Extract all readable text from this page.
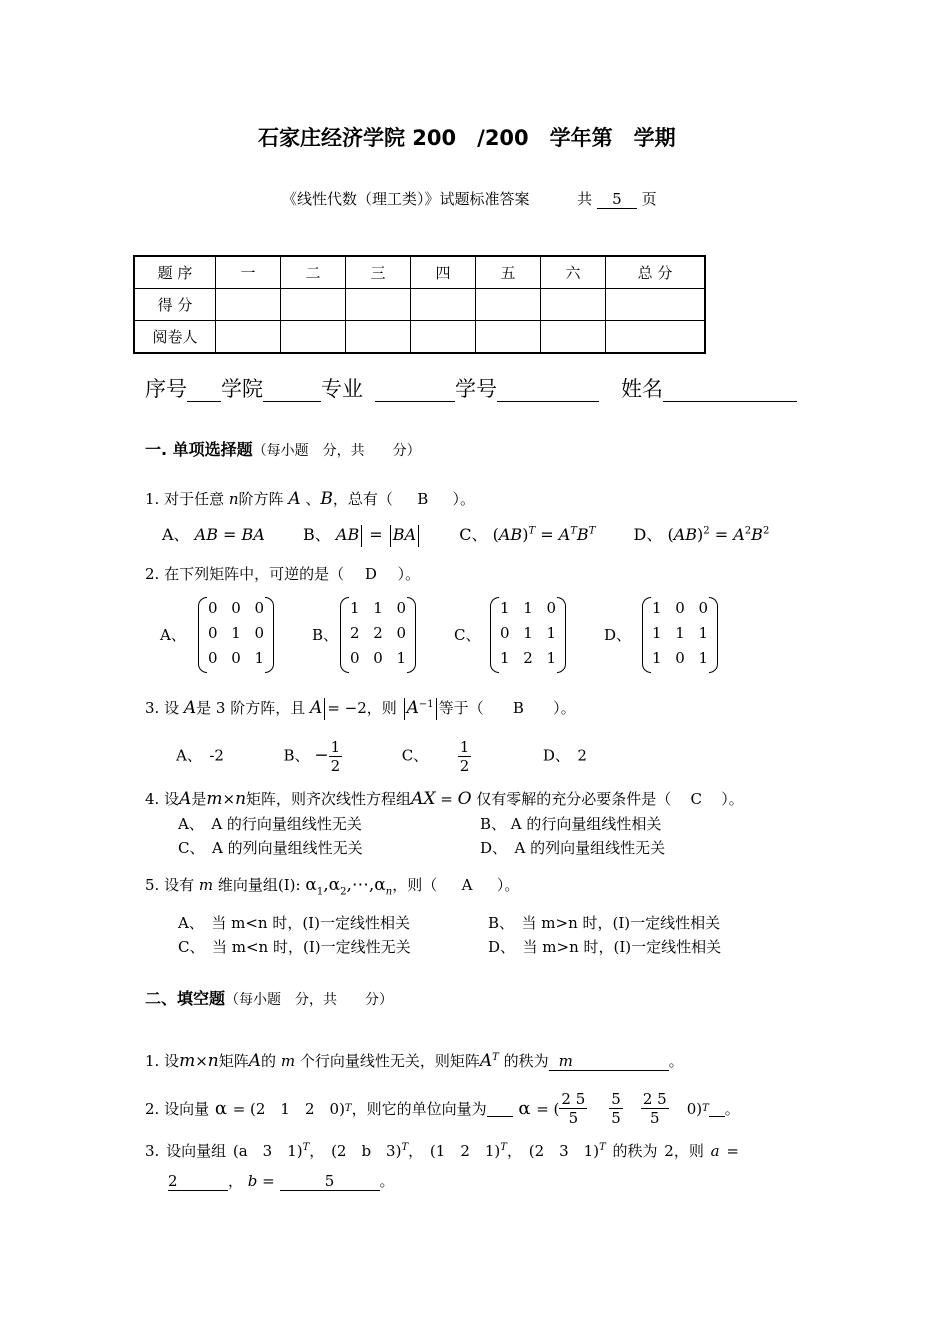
石家庄经济学院 200　/200　学年第　学期
《线性代数（理工类）》试题标准答案	共 5 页
题 序	一	二	三	四	五	六	总 分
得 分							
阅卷人							
序号 学院	专业	学号	姓名
一. 单项选择题（每小题　分，共　　分）
1. 对于任意 n阶方阵 A 、B，总有（ B ）。
A、 AB = BA B、 AB = BA	C、 $(AB)^T = A^TB^T$ D、 $(AB)^2 = A^2B^2$
2. 在下列矩阵中，可逆的是（ D ）。
A、
0 0 0
0 1 0
0 0 1
B、
1 1 0
2 2 0
0 0 1
C、
1 1 0
0 1 1
1 2 1
D、
1 0 0
1 1 1
1 0 1
3. 设 A是 3 阶方阵，且 A = −2，则 $A^{-1}$ 等于（ B ）。
A、　-2	B、 − $\frac{1}{2}$	C、 $\frac{1}{2}$	D、　2
4. 设A是m×n矩阵，则齐次线性方程组AX = O 仅有零解的充分必要条件是（ C ）。
A、　A 的行向量组线性无关	B、 A 的行向量组线性相关
C、　A 的列向量组线性无关	D、　A 的列向量组线性无关
5. 设有 m 维向量组(I): $\alpha_1,\alpha_2,\cdots,\alpha_n$，则（ A ）。
A、　当 m<n 时，(I)一定线性相关	B、　当 m>n 时，(I)一定线性相关
C、　当 m<n 时，(I)一定线性无关	D、　当 m>n 时，(I)一定线性相关
二、填空题（每小题　分，共　　分）
1. 设m×n矩阵A的 m 个行向量线性无关，则矩阵$A^T$ 的秩为 m	。
2. 设向量 α = (2　1　2　0) T ，则它的单位向量为
α = ( $\frac{2 5}{5} \frac{5}{5} \frac{2 5}{5} 0$) T
。
3. 设向量组 (a　3　1)$^T$， (2　b　3)$^T$， (1　2　1)$^T$， (2　3　1)$^T$ 的秩为 2，则 a =
2	， b =	5	。
